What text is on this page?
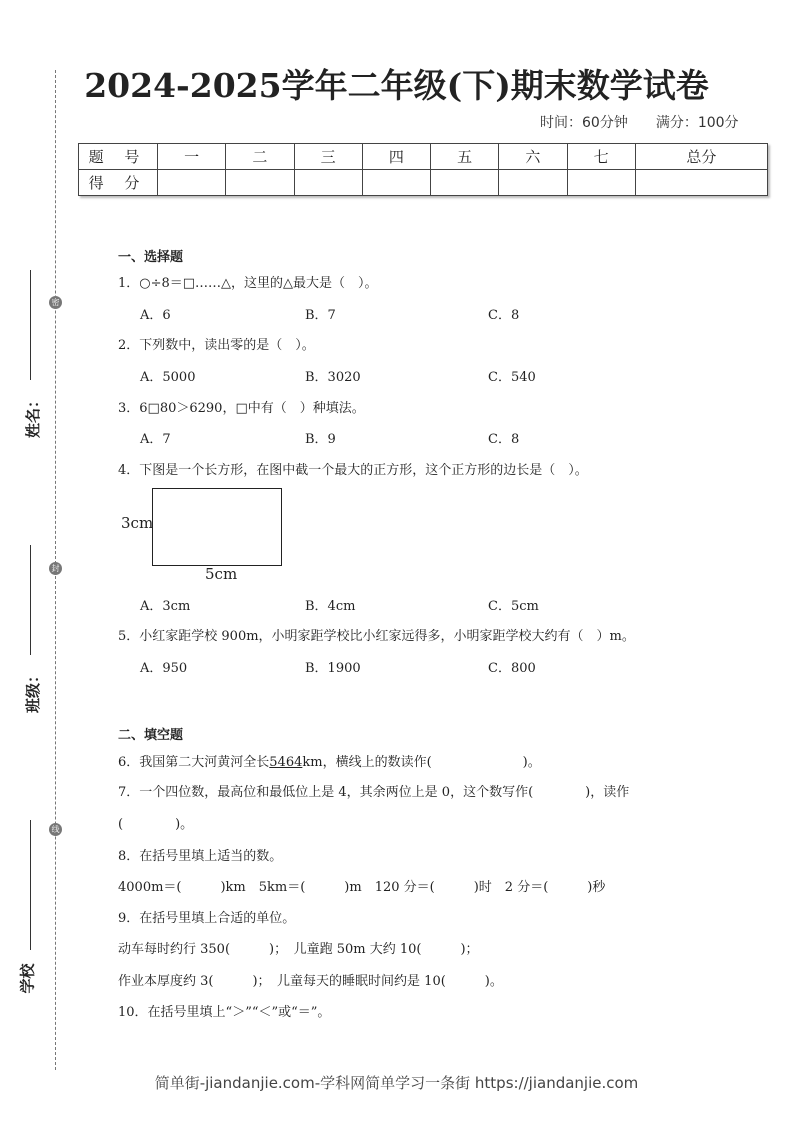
密
封
线
姓名：
班级：
学校
2024-2025学年二年级(下)期末数学试卷
时间：60分钟 满分：100分
题 号	一	二	三	四	五	六	七	总分
得 分								
一、选择题
1．○÷8＝□……△，这里的△最大是（　）。
A．6	B．7	C．8
2．下列数中，读出零的是（　）。
A．5000	B．3020	C．540
3．6□80＞6290，□中有（　）种填法。
A．7	B．9	C．8
4．下图是一个长方形，在图中截一个最大的正方形，这个正方形的边长是（　）。
3cm
5cm
A．3cm	B．4cm	C．5cm
5．小红家距学校 900m，小明家距学校比小红家远得多，小明家距学校大约有（　）m。
A．950	B．1900	C．800
二、填空题
6．我国第二大河黄河全长5464km，横线上的数读作(　　　　　　　)。
7．一个四位数，最高位和最低位上是 4，其余两位上是 0，这个数写作(　　　　)，读作
(　　　　)。
8．在括号里填上适当的数。
4000m＝(　　　)km　5km＝(　　　)m　120 分＝(　　　)时　2 分＝(　　　)秒
9．在括号里填上合适的单位。
动车每时约行 350(　　　)；　儿童跑 50m 大约 10(　　　)；
作业本厚度约 3(　　　)；　儿童每天的睡眠时间约是 10(　　　)。
10．在括号里填上“＞”“＜”或“＝”。
简单街-jiandanjie.com-学科网简单学习一条街 https://jiandanjie.com
